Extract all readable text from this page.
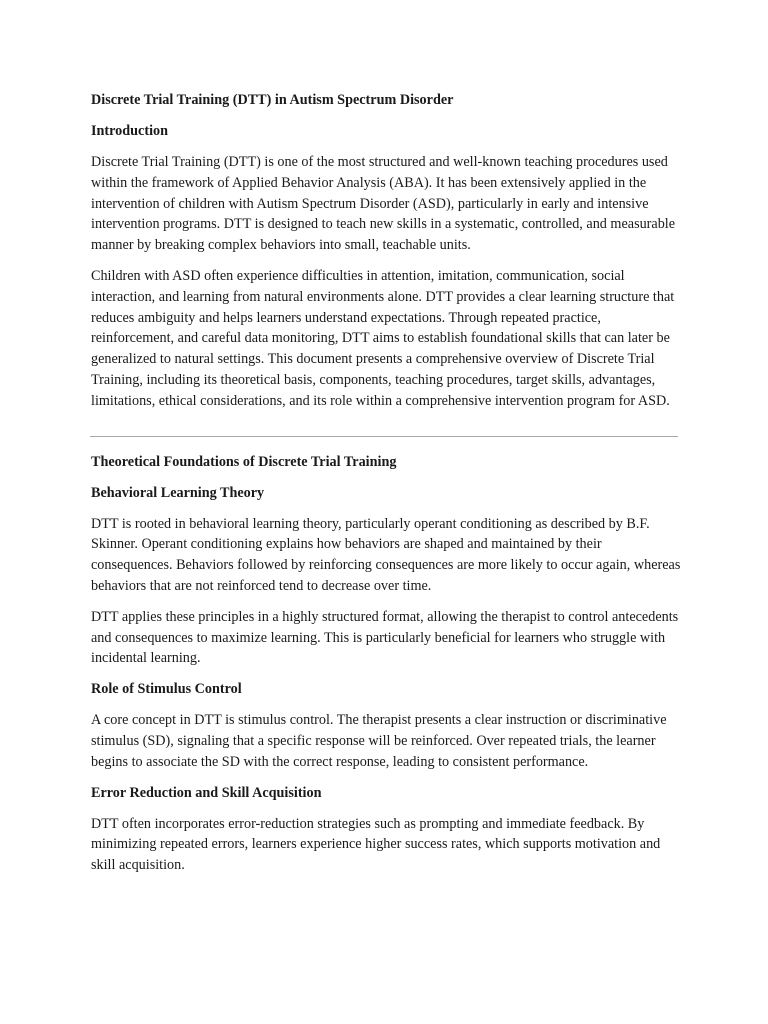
Discrete Trial Training (DTT) in Autism Spectrum Disorder
Introduction

Discrete Trial Training (DTT) is one of the most structured and well-known teaching procedures used within the framework of Applied Behavior Analysis (ABA). It has been extensively applied in the intervention of children with Autism Spectrum Disorder (ASD), particularly in early and intensive intervention programs. DTT is designed to teach new skills in a systematic, controlled, and measurable manner by breaking complex behaviors into small, teachable units.

Children with ASD often experience difficulties in attention, imitation, communication, social interaction, and learning from natural environments alone. DTT provides a clear learning structure that reduces ambiguity and helps learners understand expectations. Through repeated practice, reinforcement, and careful data monitoring, DTT aims to establish foundational skills that can later be generalized to natural settings. This document presents a comprehensive overview of Discrete Trial Training, including its theoretical basis, components, teaching procedures, target skills, advantages, limitations, ethical considerations, and its role within a comprehensive intervention program for ASD.

Theoretical Foundations of Discrete Trial Training
Behavioral Learning Theory

DTT is rooted in behavioral learning theory, particularly operant conditioning as described by B.F. Skinner. Operant conditioning explains how behaviors are shaped and maintained by their consequences. Behaviors followed by reinforcing consequences are more likely to occur again, whereas behaviors that are not reinforced tend to decrease over time.

DTT applies these principles in a highly structured format, allowing the therapist to control antecedents and consequences to maximize learning. This is particularly beneficial for learners who struggle with incidental learning.

Role of Stimulus Control

A core concept in DTT is stimulus control. The therapist presents a clear instruction or discriminative stimulus (SD), signaling that a specific response will be reinforced. Over repeated trials, the learner begins to associate the SD with the correct response, leading to consistent performance.

Error Reduction and Skill Acquisition

DTT often incorporates error-reduction strategies such as prompting and immediate feedback. By minimizing repeated errors, learners experience higher success rates, which supports motivation and skill acquisition.
